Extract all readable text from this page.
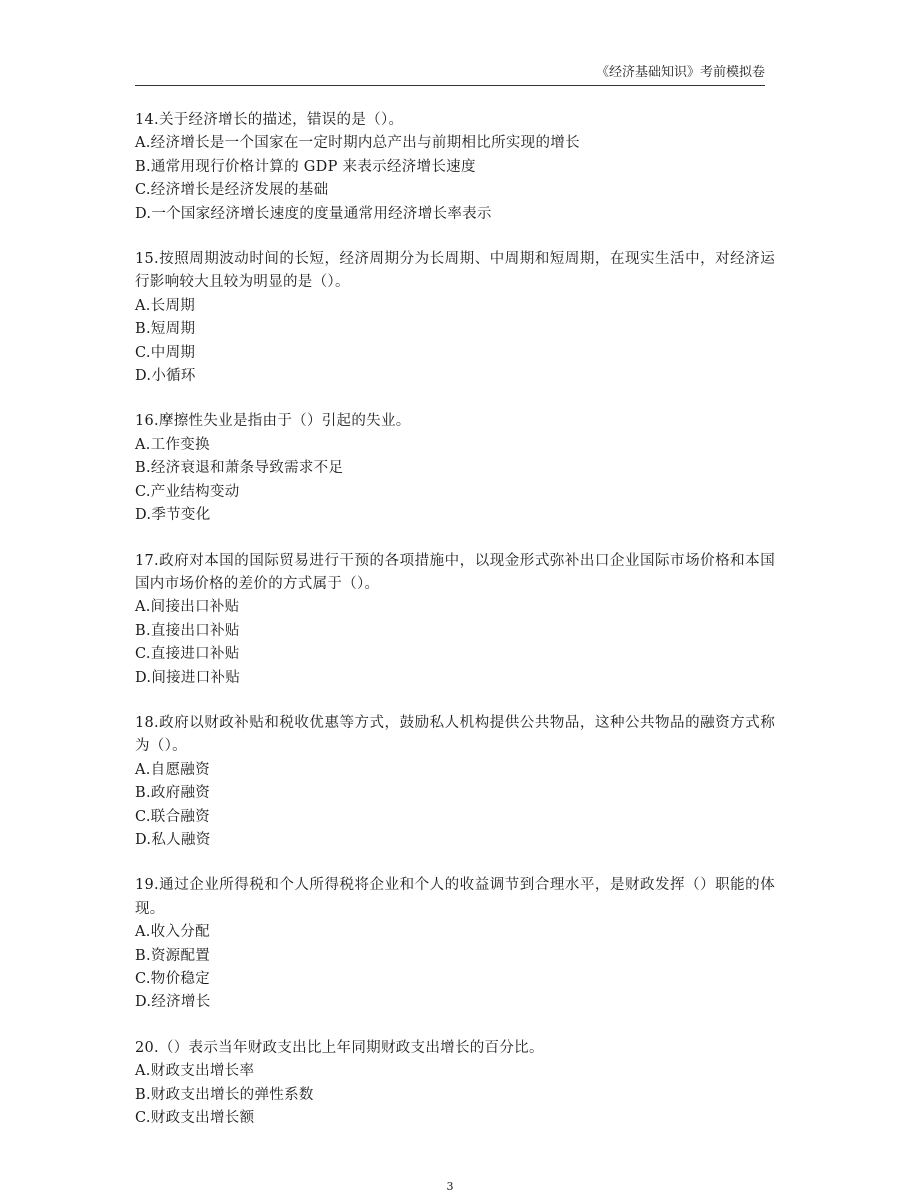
《经济基础知识》考前模拟卷

14.关于经济增长的描述，错误的是（）。

A.经济增长是一个国家在一定时期内总产出与前期相比所实现的增长
B.通常用现行价格计算的 GDP 来表示经济增长速度
C.经济增长是经济发展的基础
D.一个国家经济增长速度的度量通常用经济增长率表示

15.按照周期波动时间的长短，经济周期分为长周期、中周期和短周期，在现实生活中，对经济运行影响较大且较为明显的是（）。

A.长周期
B.短周期
C.中周期
D.小循环

16.摩擦性失业是指由于（）引起的失业。

A.工作变换
B.经济衰退和萧条导致需求不足
C.产业结构变动
D.季节变化

17.政府对本国的国际贸易进行干预的各项措施中，以现金形式弥补出口企业国际市场价格和本国国内市场价格的差价的方式属于（）。

A.间接出口补贴
B.直接出口补贴
C.直接进口补贴
D.间接进口补贴

18.政府以财政补贴和税收优惠等方式，鼓励私人机构提供公共物品，这种公共物品的融资方式称为（）。

A.自愿融资
B.政府融资
C.联合融资
D.私人融资

19.通过企业所得税和个人所得税将企业和个人的收益调节到合理水平，是财政发挥（）职能的体现。

A.收入分配
B.资源配置
C.物价稳定
D.经济增长

20.（）表示当年财政支出比上年同期财政支出增长的百分比。

A.财政支出增长率
B.财政支出增长的弹性系数
C.财政支出增长额
3
